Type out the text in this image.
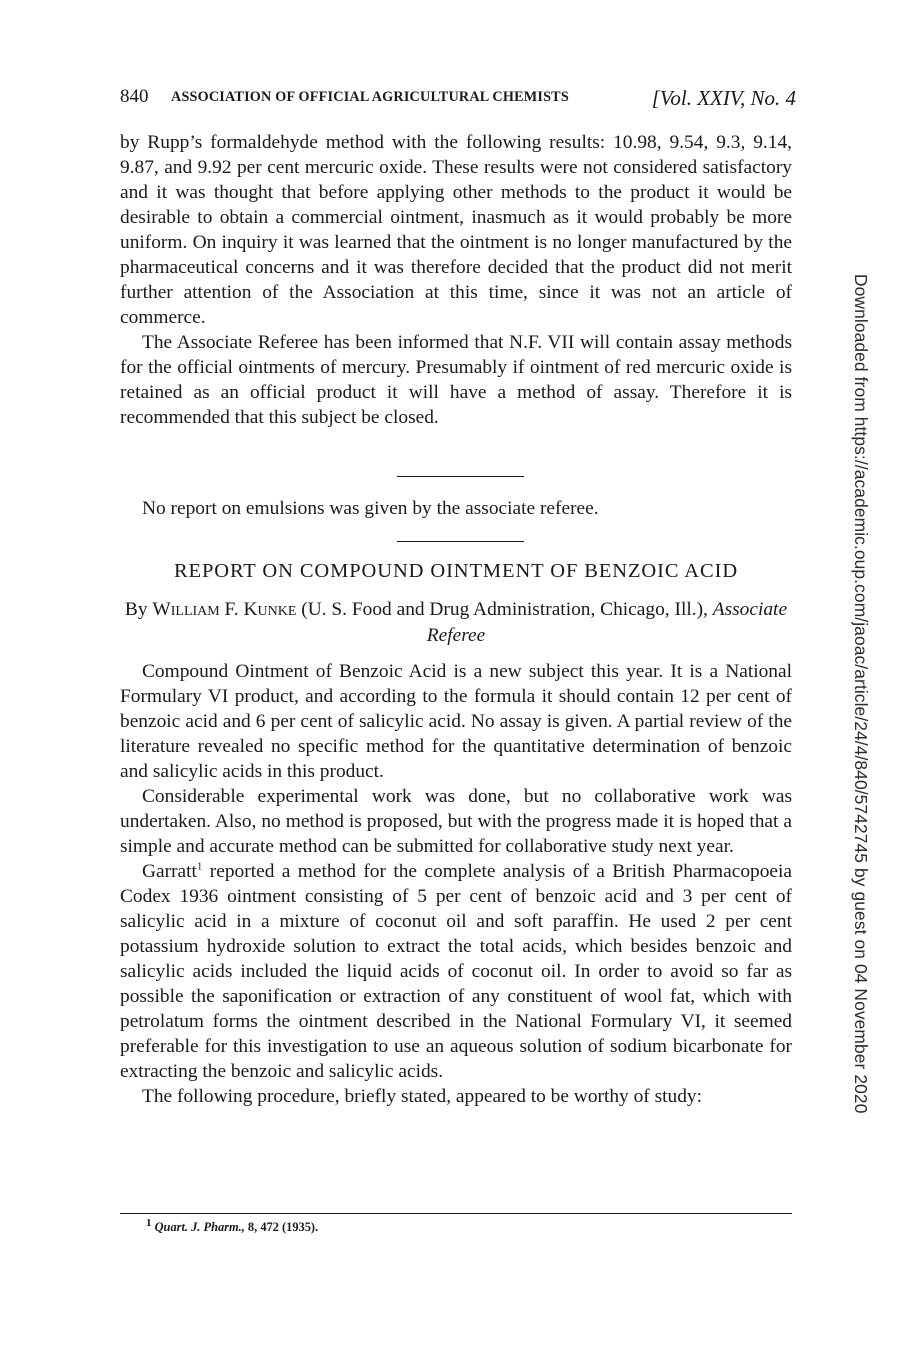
840 ASSOCIATION OF OFFICIAL AGRICULTURAL CHEMISTS	[Vol. XXIV, No. 4

by Rupp’s formaldehyde method with the following results: 10.98, 9.54, 9.3, 9.14, 9.87, and 9.92 per cent mercuric oxide. These results were not considered satisfactory and it was thought that before applying other methods to the product it would be desirable to obtain a commercial ointment, inasmuch as it would probably be more uniform. On inquiry it was learned that the ointment is no longer manufactured by the pharmaceutical concerns and it was therefore decided that the product did not merit further attention of the Association at this time, since it was not an article of commerce.

The Associate Referee has been informed that N.F. VII will contain assay methods for the official ointments of mercury. Presumably if ointment of red mercuric oxide is retained as an official product it will have a method of assay. Therefore it is recommended that this subject be closed.

No report on emulsions was given by the associate referee.

REPORT ON COMPOUND OINTMENT OF BENZOIC ACID
By William F. Kunke (U. S. Food and Drug Administration, Chicago, Ill.), Associate Referee

Compound Ointment of Benzoic Acid is a new subject this year. It is a National Formulary VI product, and according to the formula it should contain 12 per cent of benzoic acid and 6 per cent of salicylic acid. No assay is given. A partial review of the literature revealed no specific method for the quantitative determination of benzoic and salicylic acids in this product.

Considerable experimental work was done, but no collaborative work was undertaken. Also, no method is proposed, but with the progress made it is hoped that a simple and accurate method can be submitted for collaborative study next year.

Garratt$^1$ reported a method for the complete analysis of a British Pharmacopoeia Codex 1936 ointment consisting of 5 per cent of benzoic acid and 3 per cent of salicylic acid in a mixture of coconut oil and soft paraffin. He used 2 per cent potassium hydroxide solution to extract the total acids, which besides benzoic and salicylic acids included the liquid acids of coconut oil. In order to avoid so far as possible the saponification or extraction of any constituent of wool fat, which with petrolatum forms the ointment described in the National Formulary VI, it seemed preferable for this investigation to use an aqueous solution of sodium bicarbonate for extracting the benzoic and salicylic acids.

The following procedure, briefly stated, appeared to be worthy of study:

$^1$ Quart. J. Pharm., 8, 472 (1935).
Downloaded from https://academic.oup.com/jaoac/article/24/4/840/5742745 by guest on 04 November 2020
